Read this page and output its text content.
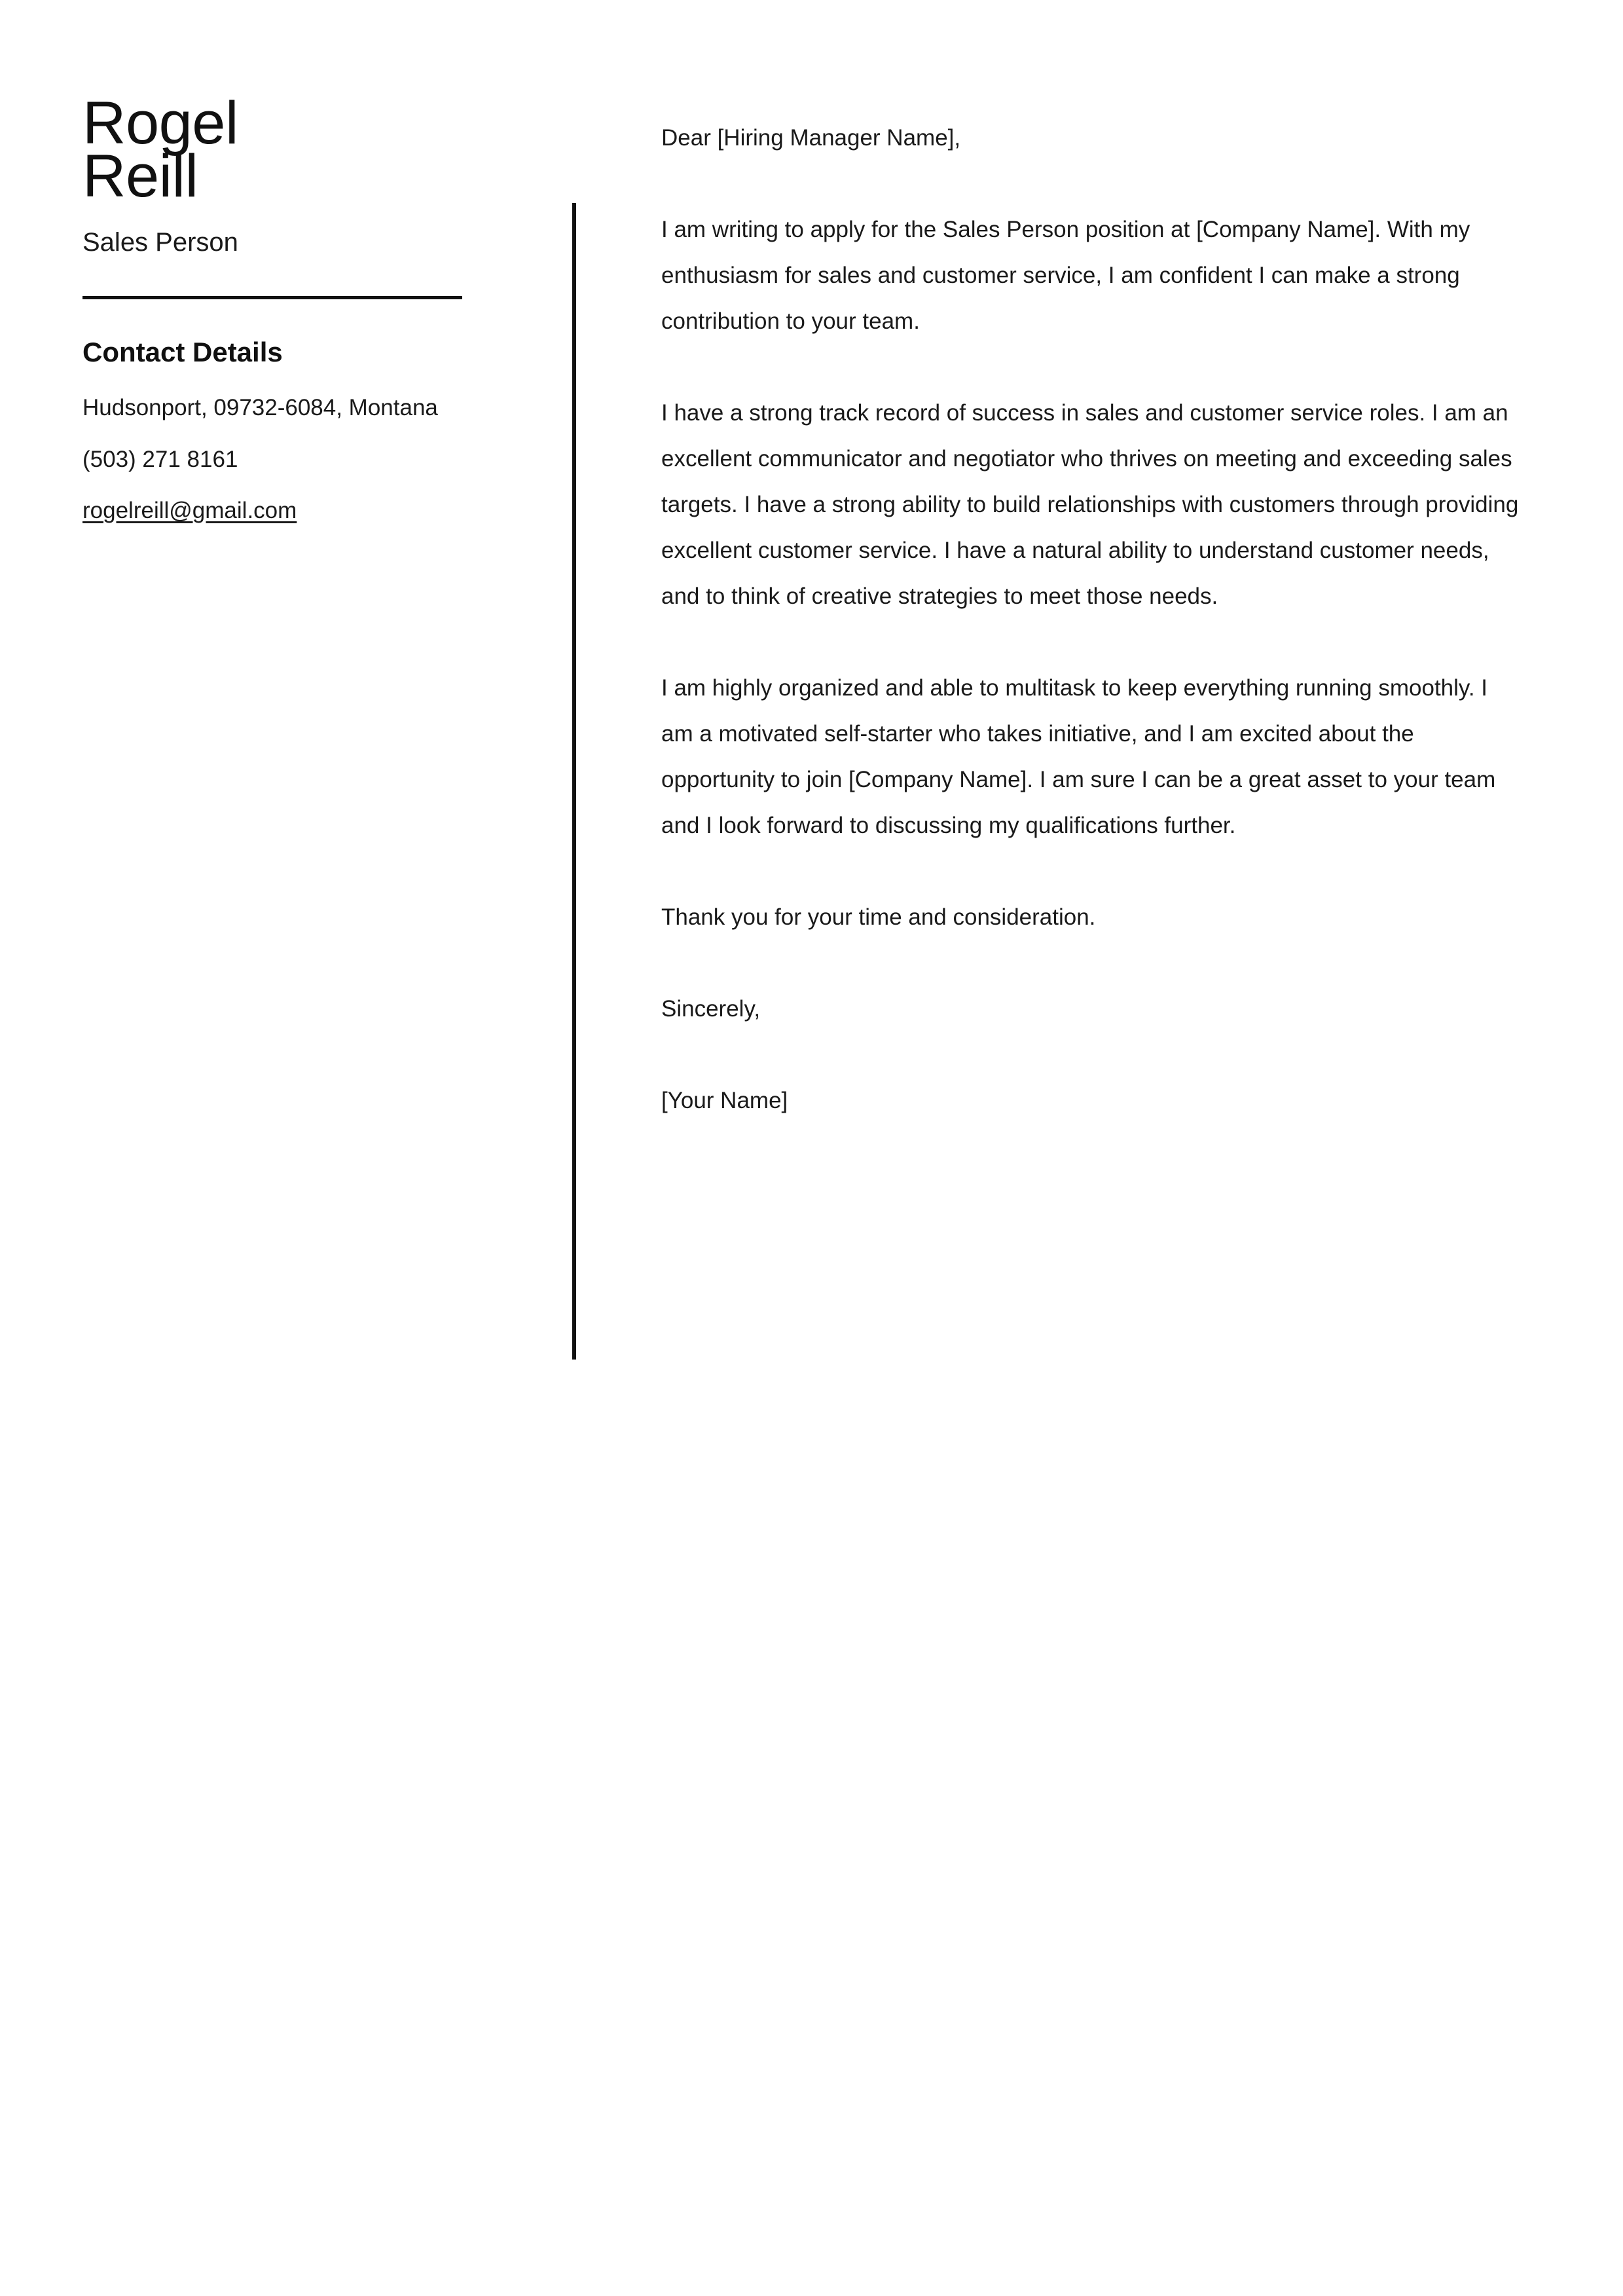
Rogel
Reill
Sales Person
Contact Details
Hudsonport, 09732-6084, Montana
(503) 271 8161
rogelreill@gmail.com

Dear [Hiring Manager Name],

I am writing to apply for the Sales Person position at [Company Name]. With my enthusiasm for sales and customer service, I am confident I can make a strong contribution to your team.

I have a strong track record of success in sales and customer service roles. I am an excellent communicator and negotiator who thrives on meeting and exceeding sales targets. I have a strong ability to build relationships with customers through providing excellent customer service. I have a natural ability to understand customer needs, and to think of creative strategies to meet those needs.

I am highly organized and able to multitask to keep everything running smoothly. I am a motivated self-starter who takes initiative, and I am excited about the opportunity to join [Company Name]. I am sure I can be a great asset to your team and I look forward to discussing my qualifications further.

Thank you for your time and consideration.

Sincerely,

[Your Name]
